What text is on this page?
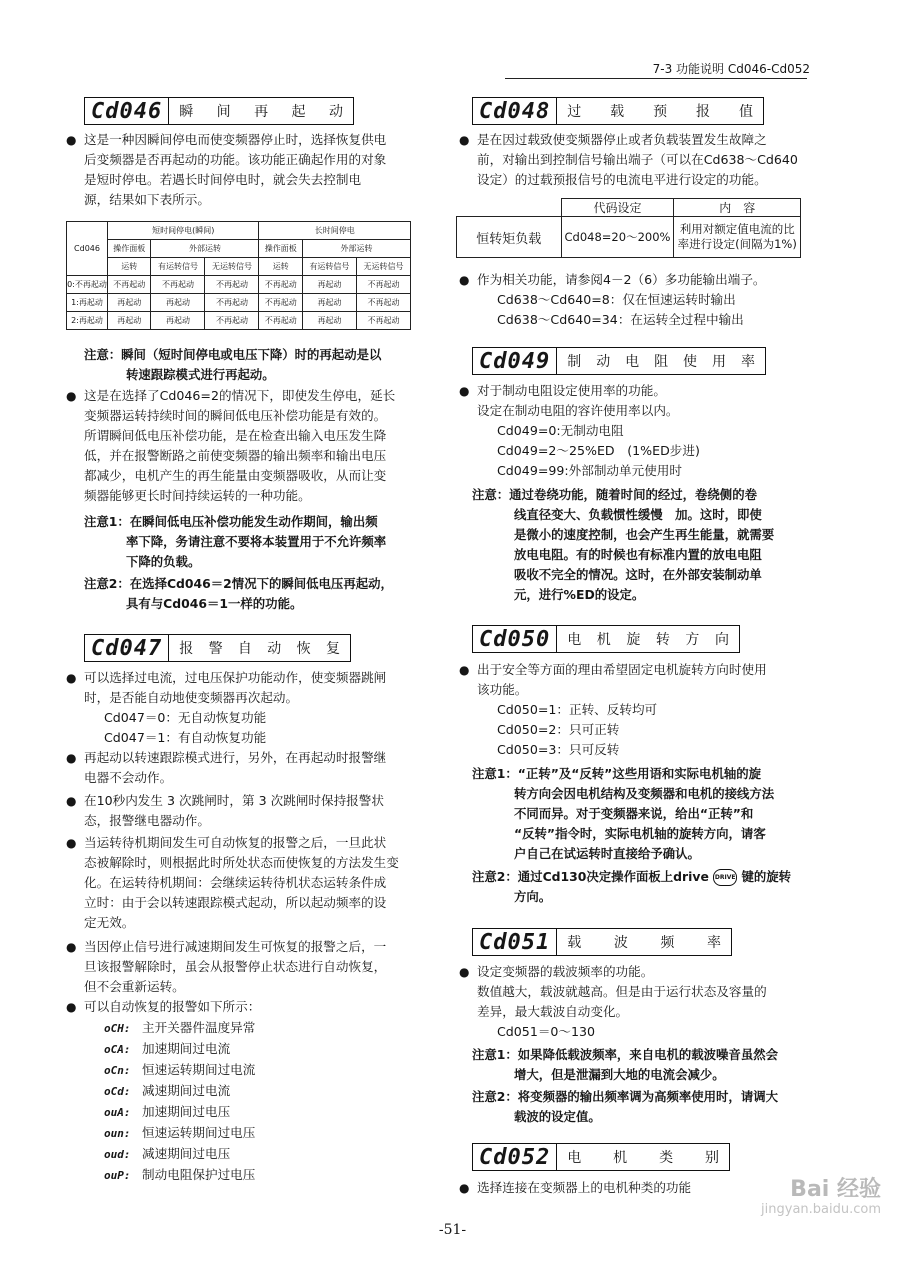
7-3 功能说明 Cd046-Cd052
Cd046	瞬 间 再 起 动
● 这是一种因瞬间停电而使变频器停止时，选择恢复供电
后变频器是否再起动的功能。该功能正确起作用的对象
是短时停电。若遇长时间停电时，就会失去控制电
源，结果如下表所示。
Cd046	短时间停电(瞬间)			长时间停电		
	操作面板	外部运转		操作面板	外部运转	
	运转	有运转信号	无运转信号	运转	有运转信号	无运转信号
0:不再起动	不再起动	不再起动	不再起动	不再起动	再起动	不再起动
1:再起动	再起动	再起动	不再起动	不再起动	再起动	不再起动
2:再起动	再起动	再起动	不再起动	不再起动	再起动	不再起动
注意：瞬间（短时间停电或电压下降）时的再起动是以
转速跟踪模式进行再起动。
● 这是在选择了Cd046=2的情况下，即使发生停电，延长
变频器运转持续时间的瞬间低电压补偿功能是有效的。
所谓瞬间低电压补偿功能，是在检查出输入电压发生降
低，并在报警断路之前使变频器的输出频率和输出电压
都减少，电机产生的再生能量由变频器吸收，从而让变
频器能够更长时间持续运转的一种功能。
注意1：在瞬间低电压补偿功能发生动作期间，输出频
率下降，务请注意不要将本装置用于不允许频率
下降的负载。
注意2：在选择Cd046＝2情况下的瞬间低电压再起动，
具有与Cd046＝1一样的功能。
Cd047	报 警 自 动 恢 复
● 可以选择过电流，过电压保护功能动作，使变频器跳闸
时，是否能自动地使变频器再次起动。
Cd047＝0：无自动恢复功能
Cd047＝1：有自动恢复功能
● 再起动以转速跟踪模式进行，另外，在再起动时报警继
电器不会动作。
● 在10秒内发生 3 次跳闸时，第 3 次跳闸时保持报警状
态，报警继电器动作。
● 当运转待机期间发生可自动恢复的报警之后，一旦此状
态被解除时，则根据此时所处状态而使恢复的方法发生变
化。在运转待机期间：会继续运转待机状态运转条件成
立时：由于会以转速跟踪模式起动，所以起动频率的设
定无效。
● 当因停止信号进行减速期间发生可恢复的报警之后，一
旦该报警解除时，虽会从报警停止状态进行自动恢复，
但不会重新运转。
● 可以自动恢复的报警如下所示：
oCH: 主开关器件温度异常
oCA: 加速期间过电流
oCn: 恒速运转期间过电流
oCd: 减速期间过电流
ouA: 加速期间过电压
oun: 恒速运转期间过电压
oud: 减速期间过电压
ouP: 制动电阻保护过电压
Cd048	过 载 预 报 值
● 是在因过载致使变频器停止或者负载装置发生故障之
前，对输出到控制信号输出端子（可以在Cd638～Cd640
设定）的过载预报信号的电流电平进行设定的功能。
	代码设定	内　容
恒转矩负载	Cd048=20～200%	利用对额定值电流的比
率进行设定(间隔为1%)
● 作为相关功能，请参阅4－2（6）多功能输出端子。
Cd638～Cd640=8：仅在恒速运转时输出
Cd638～Cd640=34：在运转全过程中输出
Cd049	制 动 电 阻 使 用 率
● 对于制动电阻设定使用率的功能。
设定在制动电阻的容许使用率以内。
Cd049=0:无制动电阻
Cd049=2～25%ED　(1%ED步进)
Cd049=99:外部制动单元使用时
注意：通过卷绕功能，随着时间的经过，卷绕侧的卷
线直径变大、负载惯性缓慢　加。这时，即使
是微小的速度控制，也会产生再生能量，就需要
放电电阻。有的时候也有标准内置的放电电阻
吸收不完全的情况。这时，在外部安装制动单
元，进行%ED的设定。
Cd050	电 机 旋 转 方 向
● 出于安全等方面的理由希望固定电机旋转方向时使用
该功能。
Cd050=1：正转、反转均可
Cd050=2：只可正转
Cd050=3：只可反转
注意1：“正转”及“反转”这些用语和实际电机轴的旋
转方向会因电机结构及变频器和电机的接线方法
不同而异。对于变频器来说，给出“正转”和
“反转”指令时，实际电机轴的旋转方向，请客
户自己在试运转时直接给予确认。
注意2：通过Cd130决定操作面板上drive DRIVE 键的旋转
方向。
Cd051	载 波 频 率
● 设定变频器的载波频率的功能。
数值越大，载波就越高。但是由于运行状态及容量的
差异，最大载波自动变化。
Cd051＝0～130
注意1：如果降低载波频率，来自电机的载波噪音虽然会
增大，但是泄漏到大地的电流会减少。
注意2：将变频器的输出频率调为高频率使用时，请调大
载波的设定值。
Cd052	电 机 类 别
● 选择连接在变频器上的电机种类的功能	Bai 经验
jingyan.baidu.com
-51-
